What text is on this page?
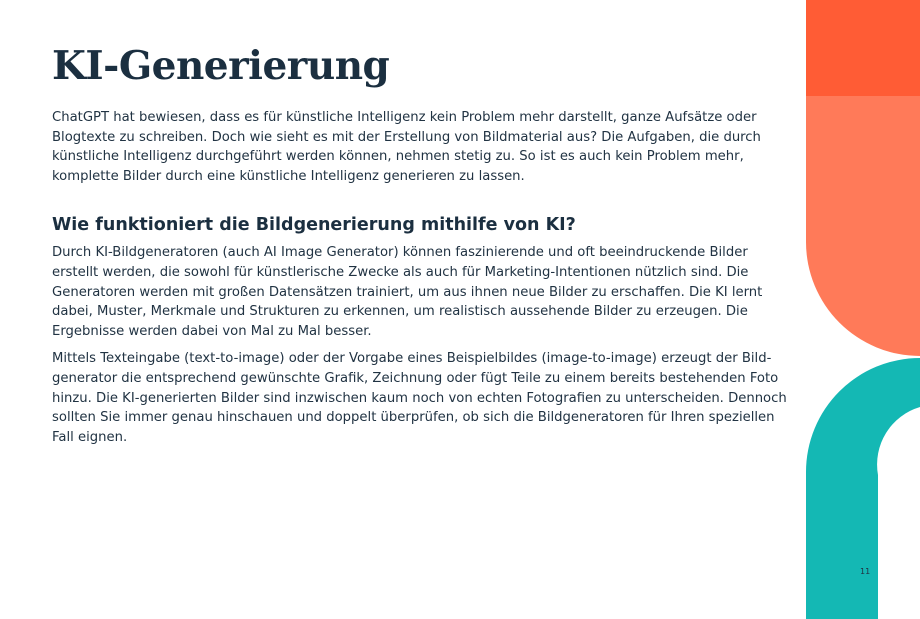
KI-Generierung

ChatGPT hat bewiesen, dass es für künstliche Intelligenz kein Problem mehr darstellt, ganze Aufsätze oder Blogtexte zu schreiben. Doch wie sieht es mit der Erstellung von Bildmaterial aus? Die Aufgaben, die durch künstliche Intelligenz durchgeführt werden können, nehmen stetig zu. So ist es auch kein Problem mehr, komplette Bilder durch eine künstliche Intelligenz generieren zu lassen.

Wie funktioniert die Bildgenerierung mithilfe von KI?

Durch KI-Bildgeneratoren (auch AI Image Generator) können faszinierende und oft beeindruckende Bilder erstellt werden, die sowohl für künstlerische Zwecke als auch für Marketing-Intentionen nützlich sind. Die Generatoren werden mit großen Datensätzen trainiert, um aus ihnen neue Bilder zu erschaffen. Die KI lernt dabei, Muster, Merkmale und Strukturen zu erkennen, um realistisch aussehende Bilder zu erzeugen. Die Ergebnisse werden dabei von Mal zu Mal besser.

Mittels Texteingabe (text-to-image) oder der Vorgabe eines Beispielbildes (image-to-image) erzeugt der Bild-generator die entsprechend gewünschte Grafik, Zeichnung oder fügt Teile zu einem bereits bestehenden Foto hinzu. Die KI-generierten Bilder sind inzwischen kaum noch von echten Fotografien zu unterscheiden. Dennoch sollten Sie immer genau hinschauen und doppelt überprüfen, ob sich die Bildgeneratoren für Ihren speziellen Fall eignen.

11
